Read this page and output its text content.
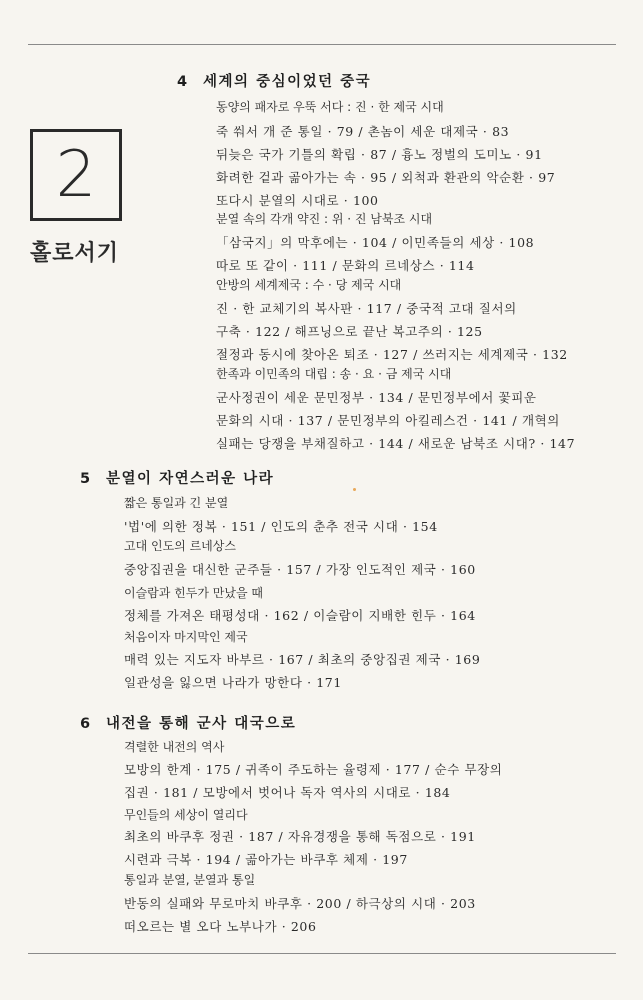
2
홀로서기
4 세계의 중심이었던 중국
동양의 패자로 우뚝 서다 : 진 · 한 제국 시대
죽 쒀서 개 준 통일 · 79 / 촌놈이 세운 대제국 · 83
뒤늦은 국가 기틀의 확립 · 87 / 흉노 정벌의 도미노 · 91
화려한 겉과 곪아가는 속 · 95 / 외척과 환관의 악순환 · 97
또다시 분열의 시대로 · 100
분열 속의 각개 약진 : 위 · 진 남북조 시대
「삼국지」의 막후에는 · 104 / 이민족들의 세상 · 108
따로 또 같이 · 111 / 문화의 르네상스 · 114
안방의 세계제국 : 수 · 당 제국 시대
진 · 한 교체기의 복사판 · 117 / 중국적 고대 질서의
구축 · 122 / 해프닝으로 끝난 복고주의 · 125
절정과 동시에 찾아온 퇴조 · 127 / 쓰러지는 세계제국 · 132
한족과 이민족의 대립 : 송 · 요 · 금 제국 시대
군사정권이 세운 문민정부 · 134 / 문민정부에서 꽃피운
문화의 시대 · 137 / 문민정부의 아킬레스건 · 141 / 개혁의
실패는 당쟁을 부채질하고 · 144 / 새로운 남북조 시대? · 147
5 분열이 자연스러운 나라
짧은 통일과 긴 분열
'법'에 의한 정복 · 151 / 인도의 춘추 전국 시대 · 154
고대 인도의 르네상스
중앙집권을 대신한 군주들 · 157 / 가장 인도적인 제국 · 160
이슬람과 힌두가 만났을 때
정체를 가져온 태평성대 · 162 / 이슬람이 지배한 힌두 · 164
처음이자 마지막인 제국
매력 있는 지도자 바부르 · 167 / 최초의 중앙집권 제국 · 169
일관성을 잃으면 나라가 망한다 · 171
6 내전을 통해 군사 대국으로
격렬한 내전의 역사
모방의 한계 · 175 / 귀족이 주도하는 율령제 · 177 / 순수 무장의
집권 · 181 / 모방에서 벗어나 독자 역사의 시대로 · 184
무인들의 세상이 열리다
최초의 바쿠후 정권 · 187 / 자유경쟁을 통해 독점으로 · 191
시련과 극복 · 194 / 곪아가는 바쿠후 체제 · 197
통일과 분열, 분열과 통일
반동의 실패와 무로마치 바쿠후 · 200 / 하극상의 시대 · 203
떠오르는 별 오다 노부나가 · 206
